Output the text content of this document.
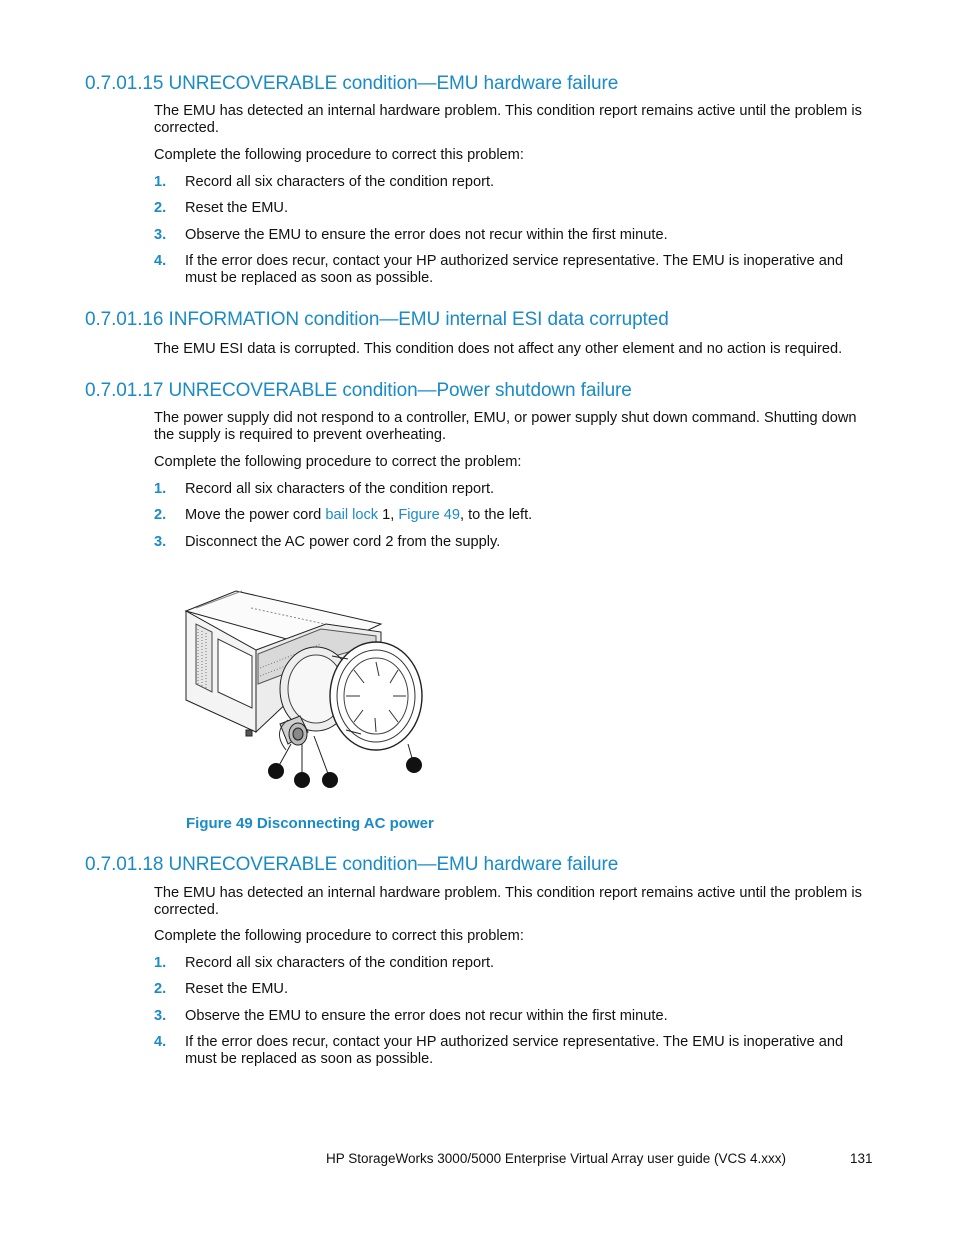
0.7.01.15 UNRECOVERABLE condition—EMU hardware failure

The EMU has detected an internal hardware problem. This condition report remains active until the problem is corrected.

Complete the following procedure to correct this problem:

1. Record all six characters of the condition report.
2. Reset the EMU.
3. Observe the EMU to ensure the error does not recur within the first minute.
4. If the error does recur, contact your HP authorized service representative. The EMU is inoperative and must be replaced as soon as possible.
0.7.01.16 INFORMATION condition—EMU internal ESI data corrupted

The EMU ESI data is corrupted. This condition does not affect any other element and no action is required.

0.7.01.17 UNRECOVERABLE condition—Power shutdown failure

The power supply did not respond to a controller, EMU, or power supply shut down command. Shutting down the supply is required to prevent overheating.

Complete the following procedure to correct the problem:

1. Record all six characters of the condition report.
2. Move the power cord bail lock 1, Figure 49, to the left.
3. Disconnect the AC power cord 2 from the supply.

Figure 49 Disconnecting AC power

0.7.01.18 UNRECOVERABLE condition—EMU hardware failure

The EMU has detected an internal hardware problem. This condition report remains active until the problem is corrected.

Complete the following procedure to correct this problem:

1. Record all six characters of the condition report.
2. Reset the EMU.
3. Observe the EMU to ensure the error does not recur within the first minute.
4. If the error does recur, contact your HP authorized service representative. The EMU is inoperative and must be replaced as soon as possible.
HP StorageWorks 3000/5000 Enterprise Virtual Array user guide (VCS 4.xxx)	131
